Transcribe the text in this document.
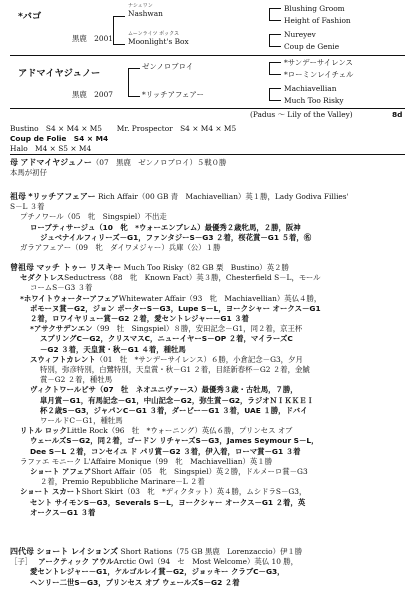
*バゴ
黒鹿　2001
ナシュワン
Nashwan
ムーンライツ ボックス
Moonlight's Box
Blushing Groom
Height of Fashion
Nureyev
Coup de Genie
アドマイヤジュノー
黒鹿　2007
ゼンノロブロイ
*リッチアフェアー
*サンデーサイレンス
*ローミンレイチェル
Machiavellian
Much Too Risky
(Padus ～ Lily of the Valley)	8d

Bustino　S4 × M4 × M5　　Mr. Prospector　S4 × M4 × M5

Coup de Folie　S4 × M4

Halo　M4 × S5 × M4

母 アドマイヤジュノー（07　黒鹿　ゼンノロブロイ）５戦０勝

本馬が初仔

祖母 *リッチアフェアー Rich Affair（00 GB 青　Machiavellian）英１勝，Lady Godiva Fillies'

S－L ３着

プチノワール（05　牝　Singspiel）不出走

ローブティサージュ（10　牝　*ウォーエンブレム）最優秀２歳牝馬，２勝，阪神

ジュベナイルフィリーズ－G1，ファンタジーS－G3 ２着，桜花賞－G1 ５着，㊔

ガラアフェアー（09　牝　ダイワメジャー）兵庫（公）１勝

曾祖母 マッチ トゥー リスキー Much Too Risky（82 GB 栗　Bustino）英２勝

セダクトレスSeductress（88　牝　Known Fact）英３勝，Chesterfield S－L，モール

コームS－G3 ３着

*ホワイトウォーターアフェアWhitewater Affair（93　牝　Machiavellian）英仏４勝，

ポモーヌ賞－G2，ジョン ポーターS－G3，Lupe S－L，ヨークシャー オークス－G1

２着，ロワイヤリュー賞－G2 ２着，愛セントレジャー－G1 ３着

*アサクサデンエン（99　牡　Singspiel）８勝，安田記念－G1，同２着，京王杯

スプリングC－G2，クリスマスC，ニューイヤーS－OP ２着，マイラーズC

－G2 ３着，天皇賞・秋－G1 ４着，種牡馬

スウィフトカレント（01　牡　*サンデーサイレンス）６勝，小倉記念－G3，夕月

特別，弥彦特別，白鷺特別，天皇賞・秋－G1 ２着，目経新春杯－G2 ２着，金鯱

賞－G2 ２着，種牡馬

ヴィクトワールピサ（07　牡　ネオユニヴァース）最優秀３歳・古牡馬，７勝，

皐月賞－G1，有馬記念－G1，中山記念－G2，弥生賞－G2，ラジオＮＩＫＫＥＩ

杯２歳S－G3，ジャパンC－G1 ３着，ダービー－G1 ３着，UAE １勝，ドバイ

ワールドC－G1，種牡馬

リトル ロックLittle Rock（96　牡　*ウォーニング）英仏６勝，プリンセス オブ

ウェールズS－G2，同２着，ゴードン リチャーズS－G3，James Seymour S－L，

Dee S－L ２着，コンセイユ ド パリ賞－G2 ３着，伊入着，ローマ賞－G1 ３着

ラファエ モニーク L'Affaire Monique（99　牝　Machiavellian）英１勝

ショート アフェアShort Affair（05　牝　Singspiel）英２勝，ドルメーロ賞－G3

２着，Premio Repubbliche Marinare－L ２着

ショート スカートShort Skirt（03　牝　*ディクタット）英４勝，ムシドラS－G3，

セント サイモンS－G3，Severals S－L，ヨークシャー オークス－G1 ２着，英

オークス－G1 ３着

四代母 ショート レイションズ Short Rations（75 GB 黒鹿　Lorenzaccio）伊１勝

［子］ アークティック アウルArctic Owl（94　セ　Most Welcome）英仏 10 勝，

愛セントレジャー－G1，ケルゴルレイ賞－G2，ジョッキー クラブC－G3，

ヘンリー二世S－G3，プリンセス オブ ウェールズS－G2 ２着
